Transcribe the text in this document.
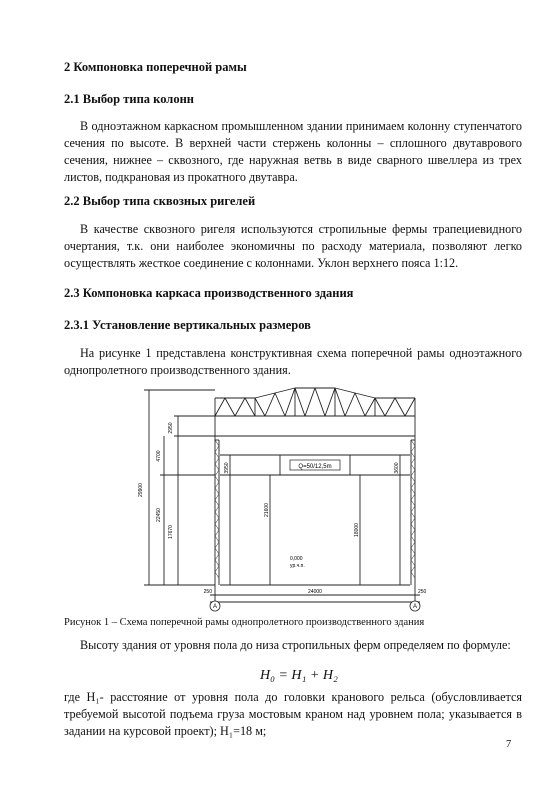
2 Компоновка поперечной рамы
2.1 Выбор типа колонн
В одноэтажном каркасном промышленном здании принимаем колонну ступенчатого сечения по высоте. В верхней части стержень колонны – сплошного двутаврового сечения, нижнее – сквозного, где наружная ветвь в виде сварного швеллера из трех листов, подкрановая из прокатного двутавра.
2.2 Выбор типа сквозных ригелей
В качестве сквозного ригеля используются стропильные фермы трапециевидного очертания, т.к. они наиболее экономичны по расходу материала, позволяют легко осуществлять жесткое соединение с колоннами. Уклон верхнего пояса 1:12.
2.3 Компоновка каркаса производственного здания
2.3.1 Установление вертикальных размеров
На рисунке 1 представлена конструктивная схема поперечной рамы одноэтажного однопролетного производственного здания.
Q=50/12,5m
0,000
ур.ч.п.
29900
2950
4700
22450
17670
3950
21600
3600
18000
24000
250	250
А	А
Рисунок 1 – Схема поперечной рамы однопролетного производственного здания
Высоту здания от уровня пола до низа стропильных ферм определяем по формуле:
H₀ = H₁ + H₂
где H₁- расстояние от уровня пола до головки кранового рельса (обусловливается требуемой высотой подъема груза мостовым краном над уровнем пола; указывается в задании на курсовой проект); H₁=18 м;
7
